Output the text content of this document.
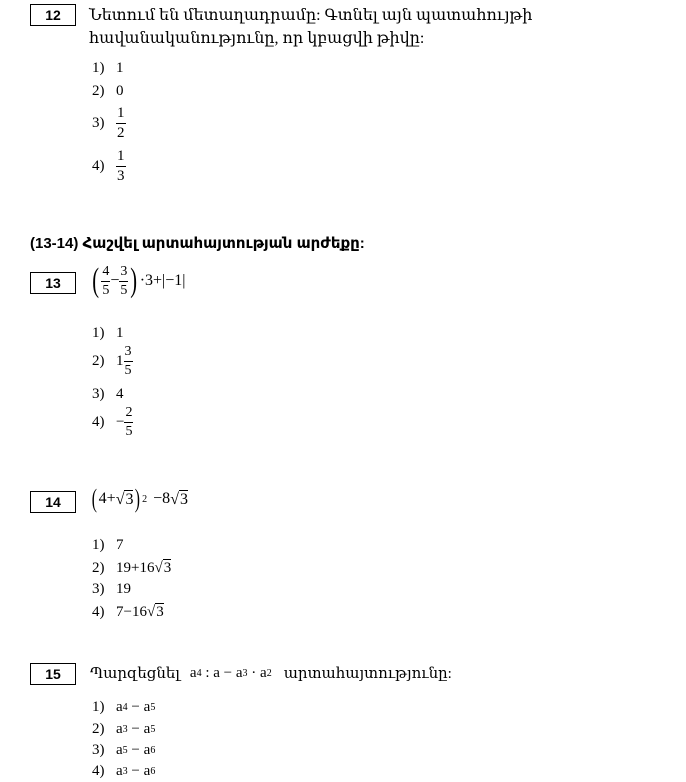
12	Նետում են մետաղադրամը: Գտնել այն պատահույթի հավանականությունը, որ կբացվի թիվը:
1) 1
2) 0
$3) \frac{1}{2}$
$4) \frac{1}{3}$
(13-14) Հաշվել արտահայտության արժեքը:
13 ( $\frac{4}{5} - \frac{3}{5}$ ) ·3+|−1|
1) 1
2) $1 \frac{3}{5}$
3) 4
$4) - \frac{2}{5}$
14	( 4+ √ 3 ) 2 −8 √ 3
1) 7
2) 19+16 √ 3
3) 19
4) 7−16 √ 3
15	Պարզեցնել a 4 : a − a 3 · a 2 արտահայտությունը:
1) a 4 − a 5
2) a 3 − a 5
3) a 5 − a 6
4) a 3 − a 6
